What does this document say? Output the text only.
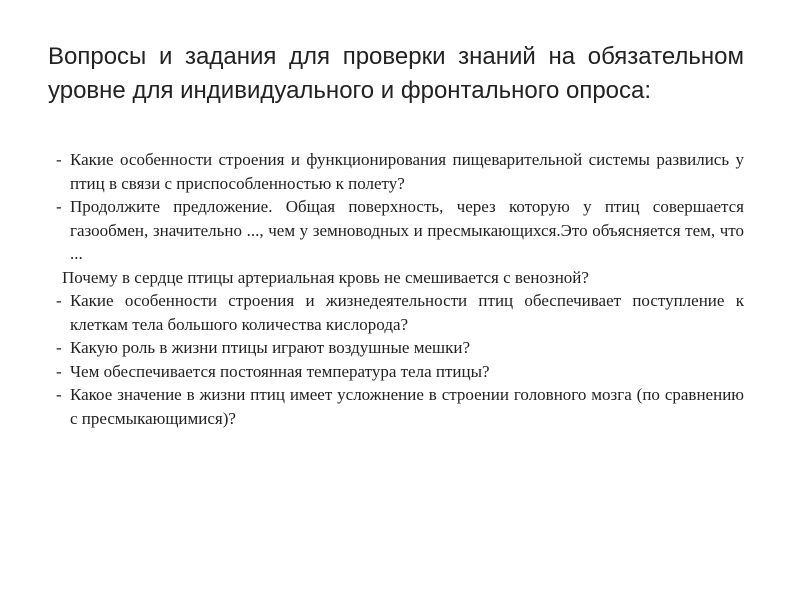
Вопросы и задания для проверки знаний на обязательном уровне для индивидуального и фронтального опроса:
- Какие особенности строения и функционирования пищеварительной системы развились у птиц в связи с приспособленностью к полету?
- Продолжите предложение. Общая поверхность, через которую у птиц совершается газообмен, значительно ..., чем у земноводных и пресмыкающихся.Это объясняется тем, что ...
Почему в сердце птицы артериальная кровь не смешивается с венозной?
- Какие особенности строения и жизнедеятельности птиц обеспечивает поступление к клеткам тела большого количества кислорода?
- Какую роль в жизни птицы играют воздушные мешки?
- Чем обеспечивается постоянная температура тела птицы?
- Какое значение в жизни птиц имеет усложнение в строении головного мозга (по сравнению с пресмыкающимися)?
